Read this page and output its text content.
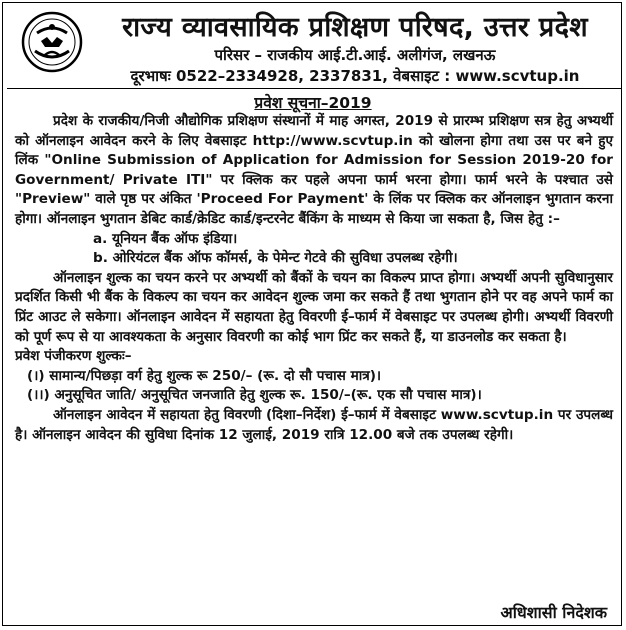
राज्य व्यावसायिक प्रशिक्षण परिषद, उत्तर प्रदेश
परिसर – राजकीय आई.टी.आई. अलीगंज, लखनऊ
दूरभाषः 0522–2334928, 2337831, वेबसाइट : www.scvtup.in
प्रवेश सूचना–2019

प्रदेश के राजकीय/निजी औद्योगिक प्रशिक्षण संस्थानों में माह अगस्त, 2019 से प्रारम्भ प्रशिक्षण सत्र हेतु अभ्यर्थी को ऑनलाइन आवेदन करने के लिए वेबसाइट http://www.scvtup.in को खोलना होगा तथा उस पर बने हुए लिंक "Online Submission of Application for Admission for Session 2019-20 for Government/ Private ITI" पर क्लिक कर पहले अपना फार्म भरना होगा। फार्म भरने के पश्चात उसे "Preview" वाले पृष्ठ पर अंकित 'Proceed For Payment' के लिंक पर क्लिक कर ऑनलाइन भुगतान करना होगा। ऑनलाइन भुगतान डेबिट कार्ड/क्रेडिट कार्ड/इन्टरनेट बैंकिंग के माध्यम से किया जा सकता है, जिस हेतु :–

a. यूनियन बैंक ऑफ इंडिया।

b. ओरियंटल बैंक ऑफ कॉमर्स, के पेमेन्ट गेटवे की सुविधा उपलब्ध रहेगी।

ऑनलाइन शुल्क का चयन करने पर अभ्यर्थी को बैंकों के चयन का विकल्प प्राप्त होगा। अभ्यर्थी अपनी सुविधानुसार प्रदर्शित किसी भी बैंक के विकल्प का चयन कर आवेदन शुल्क जमा कर सकते हैं तथा भुगतान होने पर वह अपने फार्म का प्रिंट आउट ले सकेगा। ऑनलाइन आवेदन में सहायता हेतु विवरणी ई–फार्म में वेबसाइट पर उपलब्ध होगी। अभ्यर्थी विवरणी को पूर्ण रूप से या आवश्यकता के अनुसार विवरणी का कोई भाग प्रिंट कर सकते हैं, या डाउनलोड कर सकता है।

प्रवेश पंजीकरण शुल्कः–

(।) सामान्य/पिछड़ा वर्ग हेतु शुल्क रू 250/– (रू. दो सौ पचास मात्र)।

(।।) अनुसूचित जाति/ अनुसूचित जनजाति हेतु शुल्क रू. 150/–(रू. एक सौ पचास मात्र)।

ऑनलाइन आवेदन में सहायता हेतु विवरणी (दिशा–निर्देश) ई–फार्म में वेबसाइट www.scvtup.in पर उपलब्ध है। ऑनलाइन आवेदन की सुविधा दिनांक 12 जुलाई, 2019 रात्रि 12.00 बजे तक उपलब्ध रहेगी।

अधिशासी निदेशक
